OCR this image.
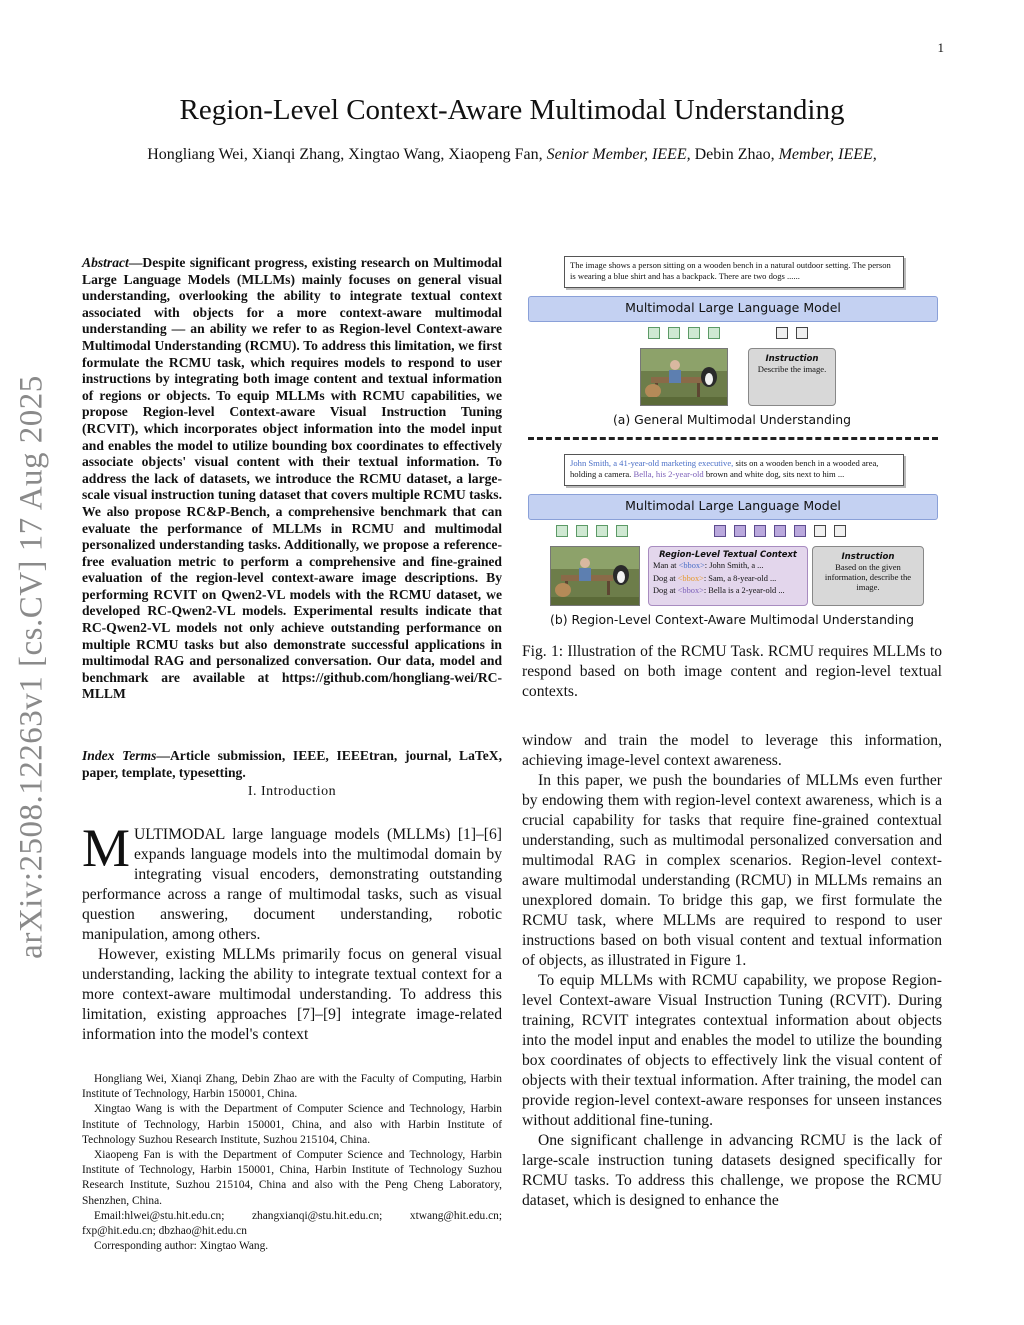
1
arXiv:2508.12263v1 [cs.CV] 17 Aug 2025
Region-Level Context-Aware Multimodal Understanding
Hongliang Wei, Xianqi Zhang, Xingtao Wang, Xiaopeng Fan, Senior Member, IEEE, Debin Zhao, Member, IEEE,
Abstract—Despite significant progress, existing research on Multimodal Large Language Models (MLLMs) mainly focuses on general visual understanding, overlooking the ability to integrate textual context associated with objects for a more context-aware multimodal understanding — an ability we refer to as Region-level Context-aware Multimodal Understanding (RCMU). To address this limitation, we first formulate the RCMU task, which requires models to respond to user instructions by integrating both image content and textual information of regions or objects. To equip MLLMs with RCMU capabilities, we propose Region-level Context-aware Visual Instruction Tuning (RCVIT), which incorporates object information into the model input and enables the model to utilize bounding box coordinates to effectively associate objects' visual content with their textual information. To address the lack of datasets, we introduce the RCMU dataset, a large-scale visual instruction tuning dataset that covers multiple RCMU tasks. We also propose RC&P-Bench, a comprehensive benchmark that can evaluate the performance of MLLMs in RCMU and multimodal personalized understanding tasks. Additionally, we propose a reference-free evaluation metric to perform a comprehensive and fine-grained evaluation of the region-level context-aware image descriptions. By performing RCVIT on Qwen2-VL models with the RCMU dataset, we developed RC-Qwen2-VL models. Experimental results indicate that RC-Qwen2-VL models not only achieve outstanding performance on multiple RCMU tasks but also demonstrate successful applications in multimodal RAG and personalized conversation. Our data, model and benchmark are available at https://github.com/hongliang-wei/RC-MLLM
Index Terms—Article submission, IEEE, IEEEtran, journal, LaTeX, paper, template, typesetting.
I. Introduction

MULTIMODAL large language models (MLLMs) [1]–[6] expands language models into the multimodal domain by integrating visual encoders, demonstrating outstanding performance across a range of multimodal tasks, such as visual question answering, document understanding, robotic manipulation, among others.

However, existing MLLMs primarily focus on general visual understanding, lacking the ability to integrate textual context for a more context-aware multimodal understanding. To address this limitation, existing approaches [7]–[9] integrate image-related information into the model's context

Hongliang Wei, Xianqi Zhang, Debin Zhao are with the Faculty of Computing, Harbin Institute of Technology, Harbin 150001, China.

Xingtao Wang is with the Department of Computer Science and Technology, Harbin Institute of Technology, Harbin 150001, China, and also with Harbin Institute of Technology Suzhou Research Institute, Suzhou 215104, China.

Xiaopeng Fan is with the Department of Computer Science and Technology, Harbin Institute of Technology, Harbin 150001, China, Harbin Institute of Technology Suzhou Research Institute, Suzhou 215104, China and also with the Peng Cheng Laboratory, Shenzhen, China.

Email:hlwei@stu.hit.edu.cn; zhangxianqi@stu.hit.edu.cn; xtwang@hit.edu.cn; fxp@hit.edu.cn; dbzhao@hit.edu.cn

Corresponding author: Xingtao Wang.

The image shows a person sitting on a wooden bench in a natural outdoor setting. The person is wearing a blue shirt and has a backpack. There are two dogs ......
Multimodal Large Language Model
Instruction
Describe the image.
(a) General Multimodal Understanding
John Smith, a 41-year-old marketing executive, sits on a wooden bench in a wooded area, holding a camera. Bella, his 2-year-old brown and white dog, sits next to him ...
Multimodal Large Language Model
Region-Level Textual Context
Man at <bbox>: John Smith, a ...
Dog at <bbox>: Sam, a 8-year-old ...
Dog at <bbox>: Bella is a 2-year-old ...
Instruction
Based on the given information, describe the image.
(b) Region-Level Context-Aware Multimodal Understanding
Fig. 1: Illustration of the RCMU Task. RCMU requires MLLMs to respond based on both image content and region-level textual contexts.

window and train the model to leverage this information, achieving image-level context awareness.

In this paper, we push the boundaries of MLLMs even further by endowing them with region-level context awareness, which is a crucial capability for tasks that require fine-grained contextual understanding, such as multimodal personalized conversation and multimodal RAG in complex scenarios. Region-level context-aware multimodal understanding (RCMU) in MLLMs remains an unexplored domain. To bridge this gap, we first formulate the RCMU task, where MLLMs are required to respond to user instructions based on both visual content and textual information of objects, as illustrated in Figure 1.

To equip MLLMs with RCMU capability, we propose Region-level Context-aware Visual Instruction Tuning (RCVIT). During training, RCVIT integrates contextual information about objects into the model input and enables the model to utilize the bounding box coordinates of objects to effectively link the visual content of objects with their textual information. After training, the model can provide region-level context-aware responses for unseen instances without additional fine-tuning.

One significant challenge in advancing RCMU is the lack of large-scale instruction tuning datasets designed specifically for RCMU tasks. To address this challenge, we propose the RCMU dataset, which is designed to enhance the
